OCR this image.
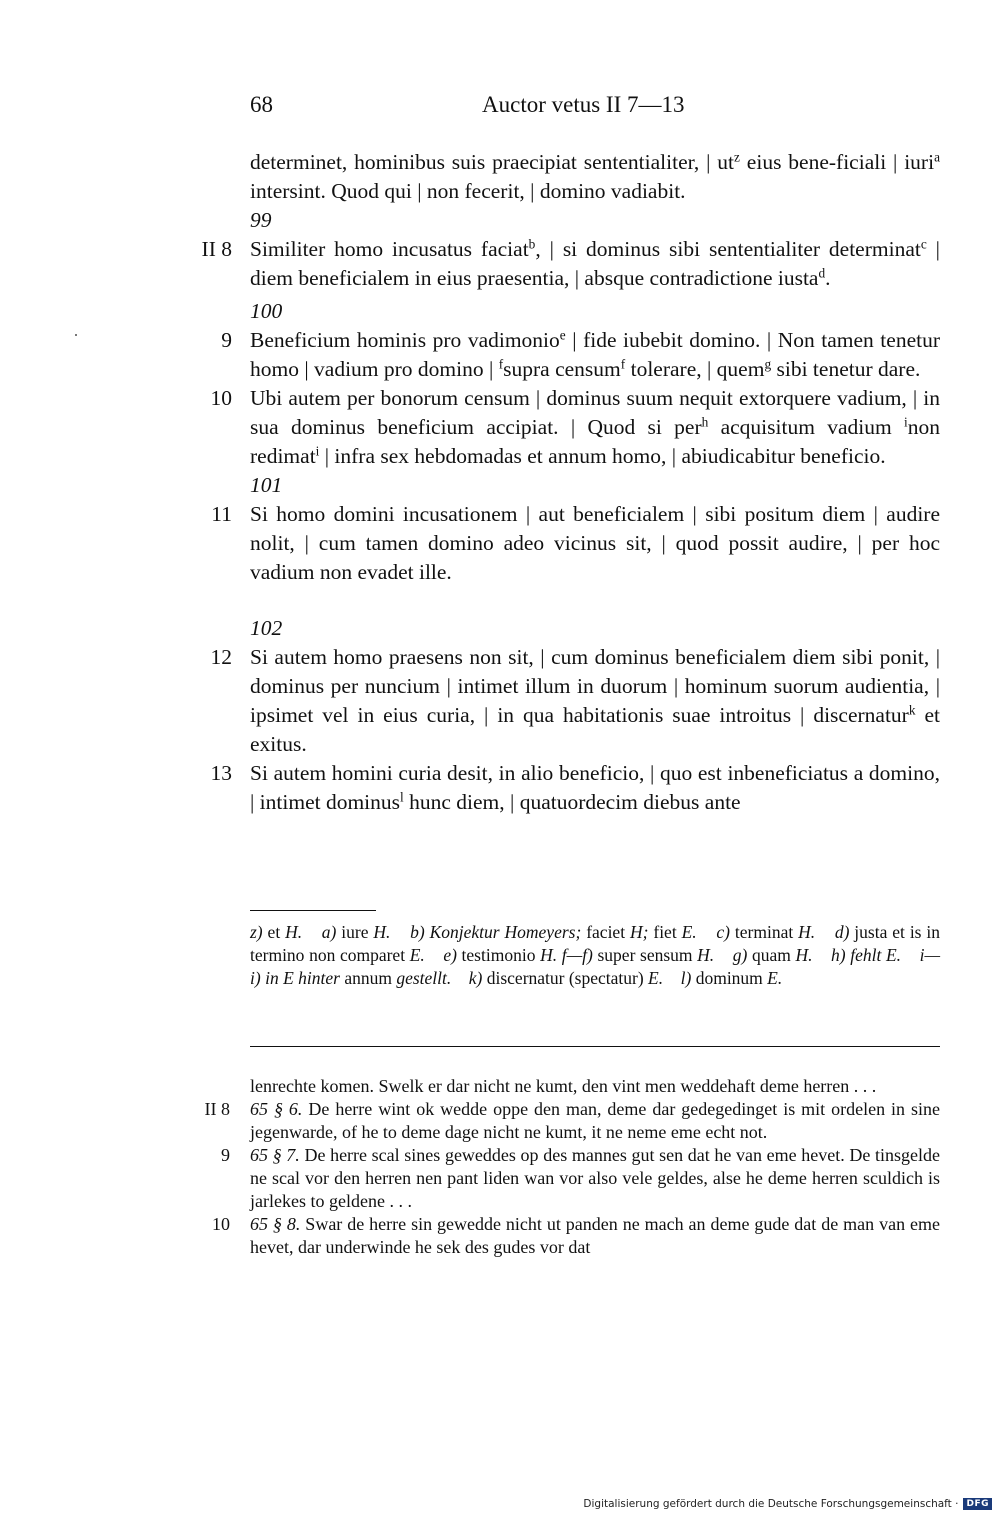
68	Auctor vetus II 7—13

determinet, hominibus suis praecipiat sententialiter, | $ut^z$ eius bene-ficiali | iuri$^a$ intersint. Quod qui | non fecerit, | domino vadiabit.

99

II 8 Similiter homo incusatus faciat$^b$, | si dominus sibi sententialiter determinat$^c$ | diem beneficialem in eius praesentia, | absque contradictione iusta$^d$.

100

9 Beneficium hominis pro vadimonio$^e$ | fide iubebit domino. | Non tamen tenetur homo | vadium pro domino | $^f$supra censum$^f$ tolerare, | quem$^g$ sibi tenetur dare.

10 Ubi autem per bonorum censum | dominus suum nequit extorquere vadium, | in sua dominus beneficium accipiat. | Quod si per$^h$ acquisitum vadium $^i$non redimat$^i$ | infra sex hebdomadas et annum homo, | abiudicabitur beneficio.

101

11 Si homo domini incusationem | aut beneficialem | sibi positum diem | audire nolit, | cum tamen domino adeo vicinus sit, | quod possit audire, | per hoc vadium non evadet ille.

102

12 Si autem homo praesens non sit, | cum dominus beneficialem diem sibi ponit, | dominus per nuncium | intimet illum in duorum | hominum suorum audientia, | ipsimet vel in eius curia, | in qua habitationis suae introitus | discernatur$^k$ et exitus.

13 Si autem homini curia desit, in alio beneficio, | quo est inbeneficiatus a domino, | intimet dominus$^l$ hunc diem, | quatuordecim diebus ante

z) et H. a) iure H. b) Konjektur Homeyers; faciet H; fiet E. c) terminat H. d) justa et is in termino non comparet E. e) testimonio H. f—f) super sensum H. g) quam H. h) fehlt E. i—i) in E hinter annum gestellt. k) discernatur (spectatur) E. l) dominum E.

lenrechte komen. Swelk er dar nicht ne kumt, den vint men weddehaft deme herren . . .

II 8 65 § 6. De herre wint ok wedde oppe den man, deme dar gedegedinget is mit ordelen in sine jegenwarde, of he to deme dage nicht ne kumt, it ne neme eme echt not.

9 65 § 7. De herre scal sines geweddes op des mannes gut sen dat he van eme hevet. De tinsgelde ne scal vor den herren nen pant liden wan vor also vele geldes, alse he deme herren sculdich is jarlekes to geldene . . .

10 65 § 8. Swar de herre sin gewedde nicht ut panden ne mach an deme gude dat de man van eme hevet, dar underwinde he sek des gudes vor dat

Digitalisierung gefördert durch die Deutsche Forschungsgemeinschaft · DFG
